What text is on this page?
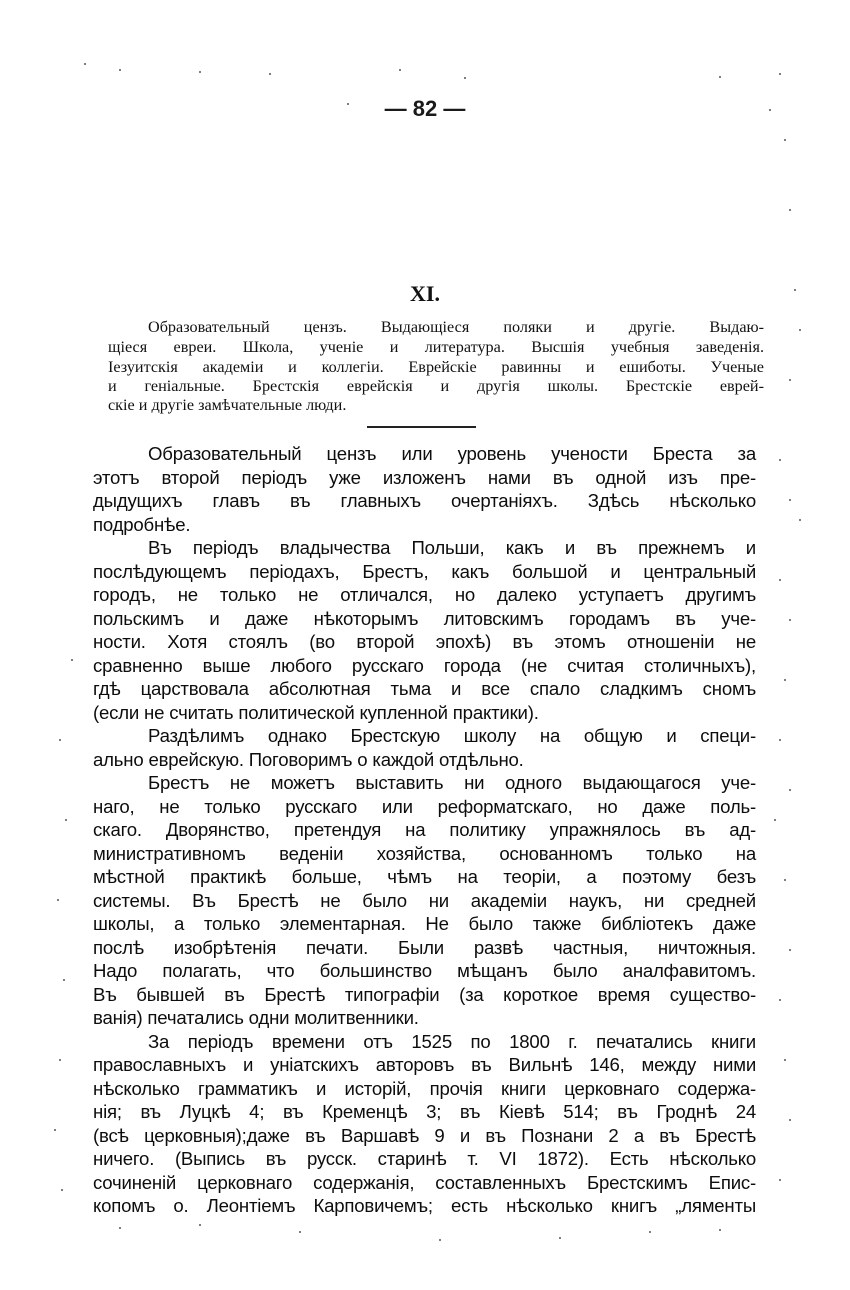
— 82 —
XI.
Образовательный цензъ. Выдающіеся поляки и другіе. Выдаю-
щіеся евреи. Школа, ученіе и литература. Высшія учебныя заведенія.
Іезуитскія академіи и коллегіи. Еврейскіе равинны и ешиботы. Ученые
и геніальные. Брестскія еврейскія и другія школы. Брестскіе еврей-
скіе и другіе замѣчательные люди.
Образовательный цензъ или уровень учености Бреста за
этотъ второй періодъ уже изложенъ нами въ одной изъ пре-
дыдущихъ главъ въ главныхъ очертаніяхъ. Здѣсь нѣсколько
подробнѣе.
Въ періодъ владычества Польши, какъ и въ прежнемъ и
послѣдующемъ періодахъ, Брестъ, какъ большой и центральный
городъ, не только не отличался, но далеко уступаетъ другимъ
польскимъ и даже нѣкоторымъ литовскимъ городамъ въ уче-
ности. Хотя стоялъ (во второй эпохѣ) въ этомъ отношеніи не
сравненно выше любого русскаго города (не считая столичныхъ),
гдѣ царствовала абсолютная тьма и все спало сладкимъ сномъ
(если не считать политической купленной практики).
Раздѣлимъ однако Брестскую школу на общую и специ-
ально еврейскую. Поговоримъ о каждой отдѣльно.
Брестъ не можетъ выставить ни одного выдающагося уче-
наго, не только русскаго или реформатскаго, но даже поль-
скаго. Дворянство, претендуя на политику упражнялось въ ад-
министративномъ веденіи хозяйства, основанномъ только на
мѣстной практикѣ больше, чѣмъ на теоріи, а поэтому безъ
системы. Въ Брестѣ не было ни академіи наукъ, ни средней
школы, а только элементарная. Не было также библіотекъ даже
послѣ изобрѣтенія печати. Были развѣ частныя, ничтожныя.
Надо полагать, что большинство мѣщанъ было аналфавитомъ.
Въ бывшей въ Брестѣ типографіи (за короткое время существо-
ванія) печатались одни молитвенники.
За періодъ времени отъ 1525 по 1800 г. печатались книги
православныхъ и уніатскихъ авторовъ въ Вильнѣ 146, между ними
нѣсколько грамматикъ и исторій, прочія книги церковнаго содержа-
нія; въ Луцкѣ 4; въ Кременцѣ 3; въ Кіевѣ 514; въ Гроднѣ 24
(всѣ церковныя);даже въ Варшавѣ 9 и въ Познани 2 а въ Брестѣ
ничего. (Выпись въ русск. старинѣ т. VI 1872). Есть нѣсколько
сочиненій церковнаго содержанія, составленныхъ Брестскимъ Епис-
копомъ о. Леонтіемъ Карповичемъ; есть нѣсколько книгъ „ляменты
